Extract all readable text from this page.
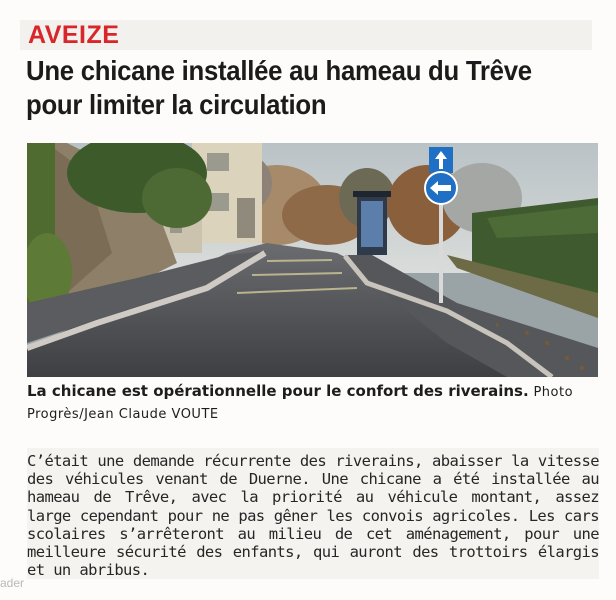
AVEIZE
Une chicane installée au hameau du Trêve
pour limiter la circulation
La chicane est opérationnelle pour le confort des riverains. Photo Progrès/Jean Claude VOUTE

C’était une demande récurrente des riverains, abaisser la vitesse des véhicules venant de Duerne. Une chicane a été installée au hameau de Trêve, avec la priorité au véhicule montant, assez large cependant pour ne pas gêner les convois agricoles. Les cars scolaires s’arrêteront au milieu de cet aménagement, pour une meilleure sécurité des enfants, qui auront des trottoirs élargis et un abribus.

ader
